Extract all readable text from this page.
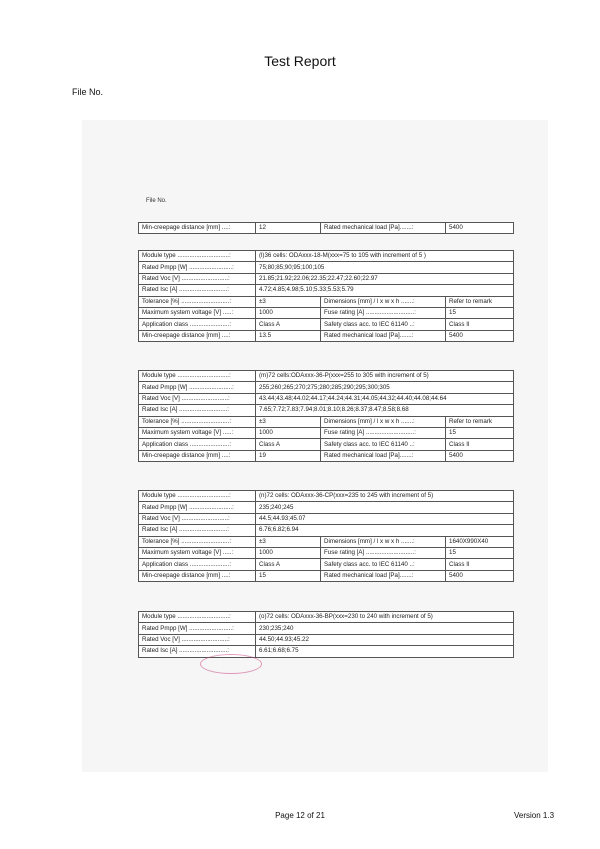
Test Report
File No.
File No.
Min-creepage distance [mm] ....:	12	Rated mechanical load [Pa].......:	5400
Module type ..............................:	(l)36 cells: ODAxxx-18-M(xxx=75 to 105 with increment of 5 )		
Rated Pmpp [W] .........................:	75;80;85;90;95;100;105		
Rated Voc [V] ...........................:	21.85;21.92;22.06;22.35;22.47;22.60;22.97		
Rated Isc [A] ............................:	4.72;4.85;4.98;5.10;5.33;5.53;5.79		
Tolerance [%] ............................:	±3	Dimensions [mm] / l x w x h .......:	Refer to remark
Maximum system voltage [V] .....:	1000	Fuse rating [A] ............................:	15
Application class .......................:	Class A	Safety class acc. to IEC 61140 ..:	Class II
Min-creepage distance [mm] ....:	13.5	Rated mechanical load [Pa].......:	5400
Module type ..............................:	(m)72 cells:ODAxxx-36-P(xxx=255 to 305 with increment of 5)		
Rated Pmpp [W] .........................:	255;260;265;270;275;280;285;290;295;300;305		
Rated Voc [V] ...........................:	43.44;43.48;44.02;44.17;44.24;44.31;44.05;44.32;44.40;44.08;44.64		
Rated Isc [A] ............................:	7.65;7.72;7.83;7.94;8.01;8.10;8.26;8.37;8.47;8.58;8.68		
Tolerance [%] ............................:	±3	Dimensions [mm] / l x w x h .......:	Refer to remark
Maximum system voltage [V] .....:	1000	Fuse rating [A] ............................:	15
Application class .......................:	Class A	Safety class acc. to IEC 61140 ..:	Class II
Min-creepage distance [mm] ....:	19	Rated mechanical load [Pa].......:	5400
Module type ..............................:	(n)72 cells: ODAxxx-36-CP(xxx=235 to 245 with increment of 5)		
Rated Pmpp [W] .........................:	235;240;245		
Rated Voc [V] ...........................:	44.5;44.93;45.07		
Rated Isc [A] ............................:	6.76;6.82;6.94		
Tolerance [%] ............................:	±3	Dimensions [mm] / l x w x h .......:	1640X990X40
Maximum system voltage [V] .....:	1000	Fuse rating [A] ............................:	15
Application class .......................:	Class A	Safety class acc. to IEC 61140 ..:	Class II
Min-creepage distance [mm] ....:	15	Rated mechanical load [Pa].......:	5400
Module type ..............................:	(o)72 cells: ODAxxx-36-BP(xxx=230 to 240 with increment of 5)
Rated Pmpp [W] .........................:	230;235;240
Rated Voc [V] ...........................:	44.50;44.93;45.22
Rated Isc [A] ............................:	6.61;6.68;6.75
Page 12 of 21	Version 1.3
